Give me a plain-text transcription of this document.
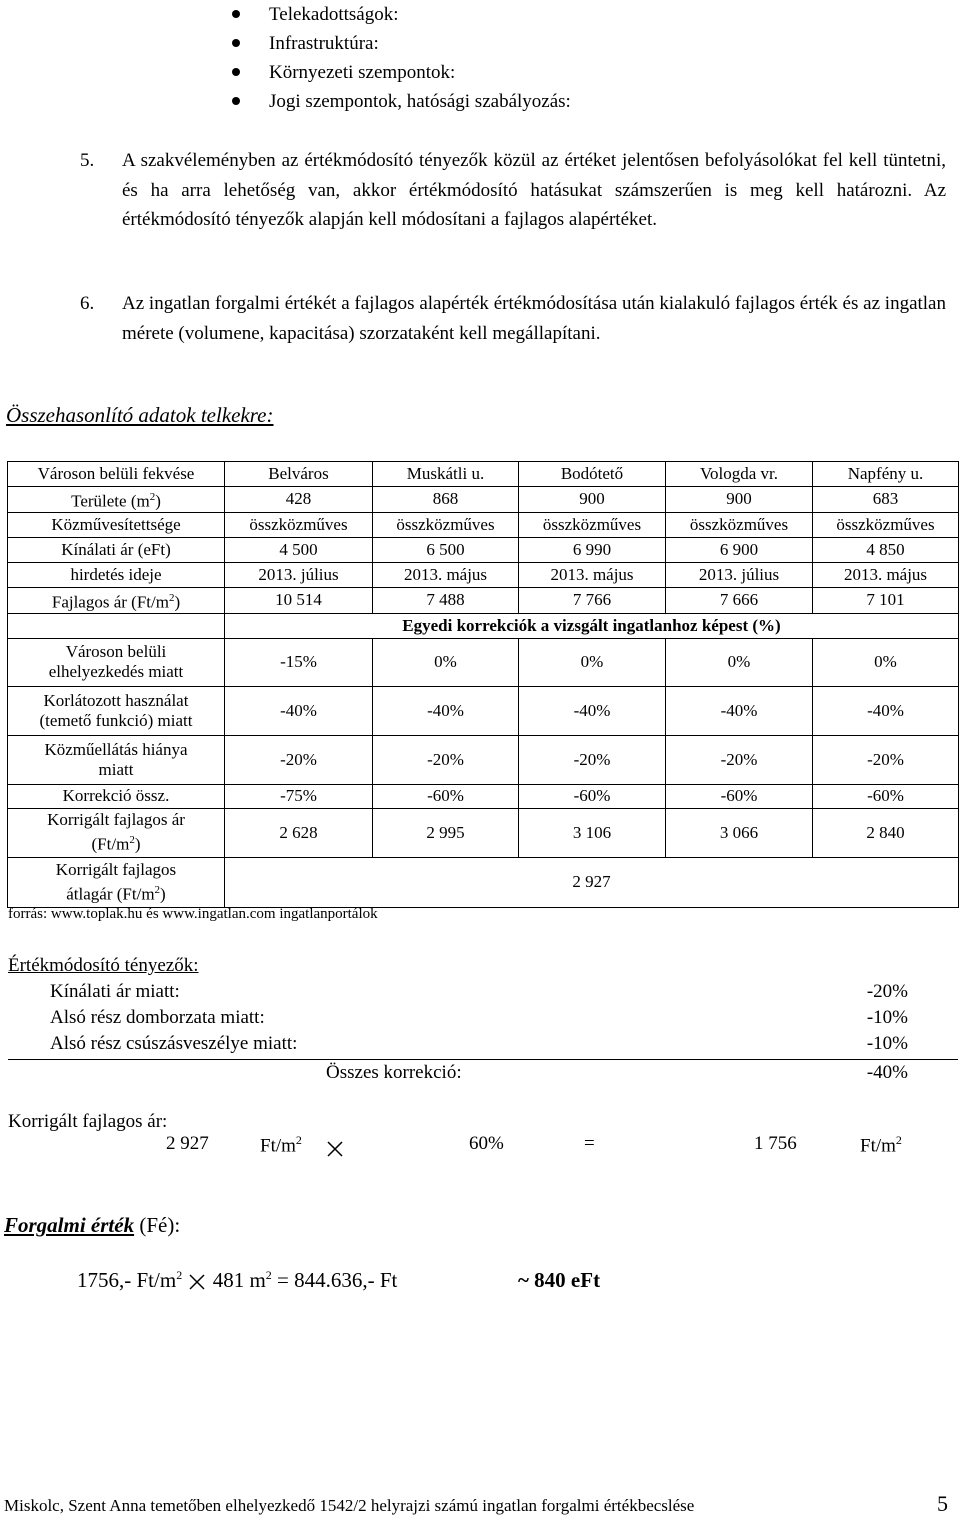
Telekadottságok:
Infrastruktúra:
Környezeti szempontok:
Jogi szempontok, hatósági szabályozás:
5. A szakvéleményben az értékmódosító tényezők közül az értéket jelentősen befolyásolókat fel kell tüntetni, és ha arra lehetőség van, akkor értékmódosító hatásukat számszerűen is meg kell határozni. Az értékmódosító tényezők alapján kell módosítani a fajlagos alapértéket.
6. Az ingatlan forgalmi értékét a fajlagos alapérték értékmódosítása után kialakuló fajlagos érték és az ingatlan mérete (volumene, kapacitása) szorzataként kell megállapítani.
Összehasonlító adatok telkekre:
Városon belüli fekvése	Belváros	Muskátli u.	Bodótető	Vologda vr.	Napfény u.
Területe $(m^2)$	428	868	900	900	683
Közművesítettsége	összközműves	összközműves	összközműves	összközműves	összközműves
Kínálati ár (eFt)	4 500	6 500	6 990	6 900	4 850
hirdetés ideje	2013. július	2013. május	2013. május	2013. július	2013. május
Fajlagos ár $(Ft/m^2)$	10 514	7 488	7 766	7 666	7 101
	Egyedi korrekciók a vizsgált ingatlanhoz képest (%)				

Városon belüli
elhelyezkedés miatt	-15%	0%	0%	0%	0%

Korlátozott használat
(temető funkció) miatt	-40%	-40%	-40%	-40%	-40%

Közműellátás hiánya
miatt	-20%	-20%	-20%	-20%	-20%
Korrekció össz.	-75%	-60%	-60%	-60%	-60%

Korrigált fajlagos ár
$(Ft/m^2)$	2 628	2 995	3 106	3 066	2 840

Korrigált fajlagos
átlagár $(Ft/m^2)$	2 927				
forrás: www.toplak.hu és www.ingatlan.com ingatlanportálok
Értékmódosító tényezők:
Kínálati ár miatt:	-20%
Alsó rész domborzata miatt:	-10%
Alsó rész csúszásveszélye miatt:	-10%
Összes korrekció:	-40%
Korrigált fajlagos ár:
2 927	$Ft/m^2$	60%	=	1 756	$Ft/m^2$
Forgalmi érték (Fé):
1756,- $Ft/m^2$  481 $m^2 = 844.636,-$ Ft	~ 840 eFt
Miskolc, Szent Anna temetőben elhelyezkedő 1542/2 helyrajzi számú ingatlan forgalmi értékbecslése	5
